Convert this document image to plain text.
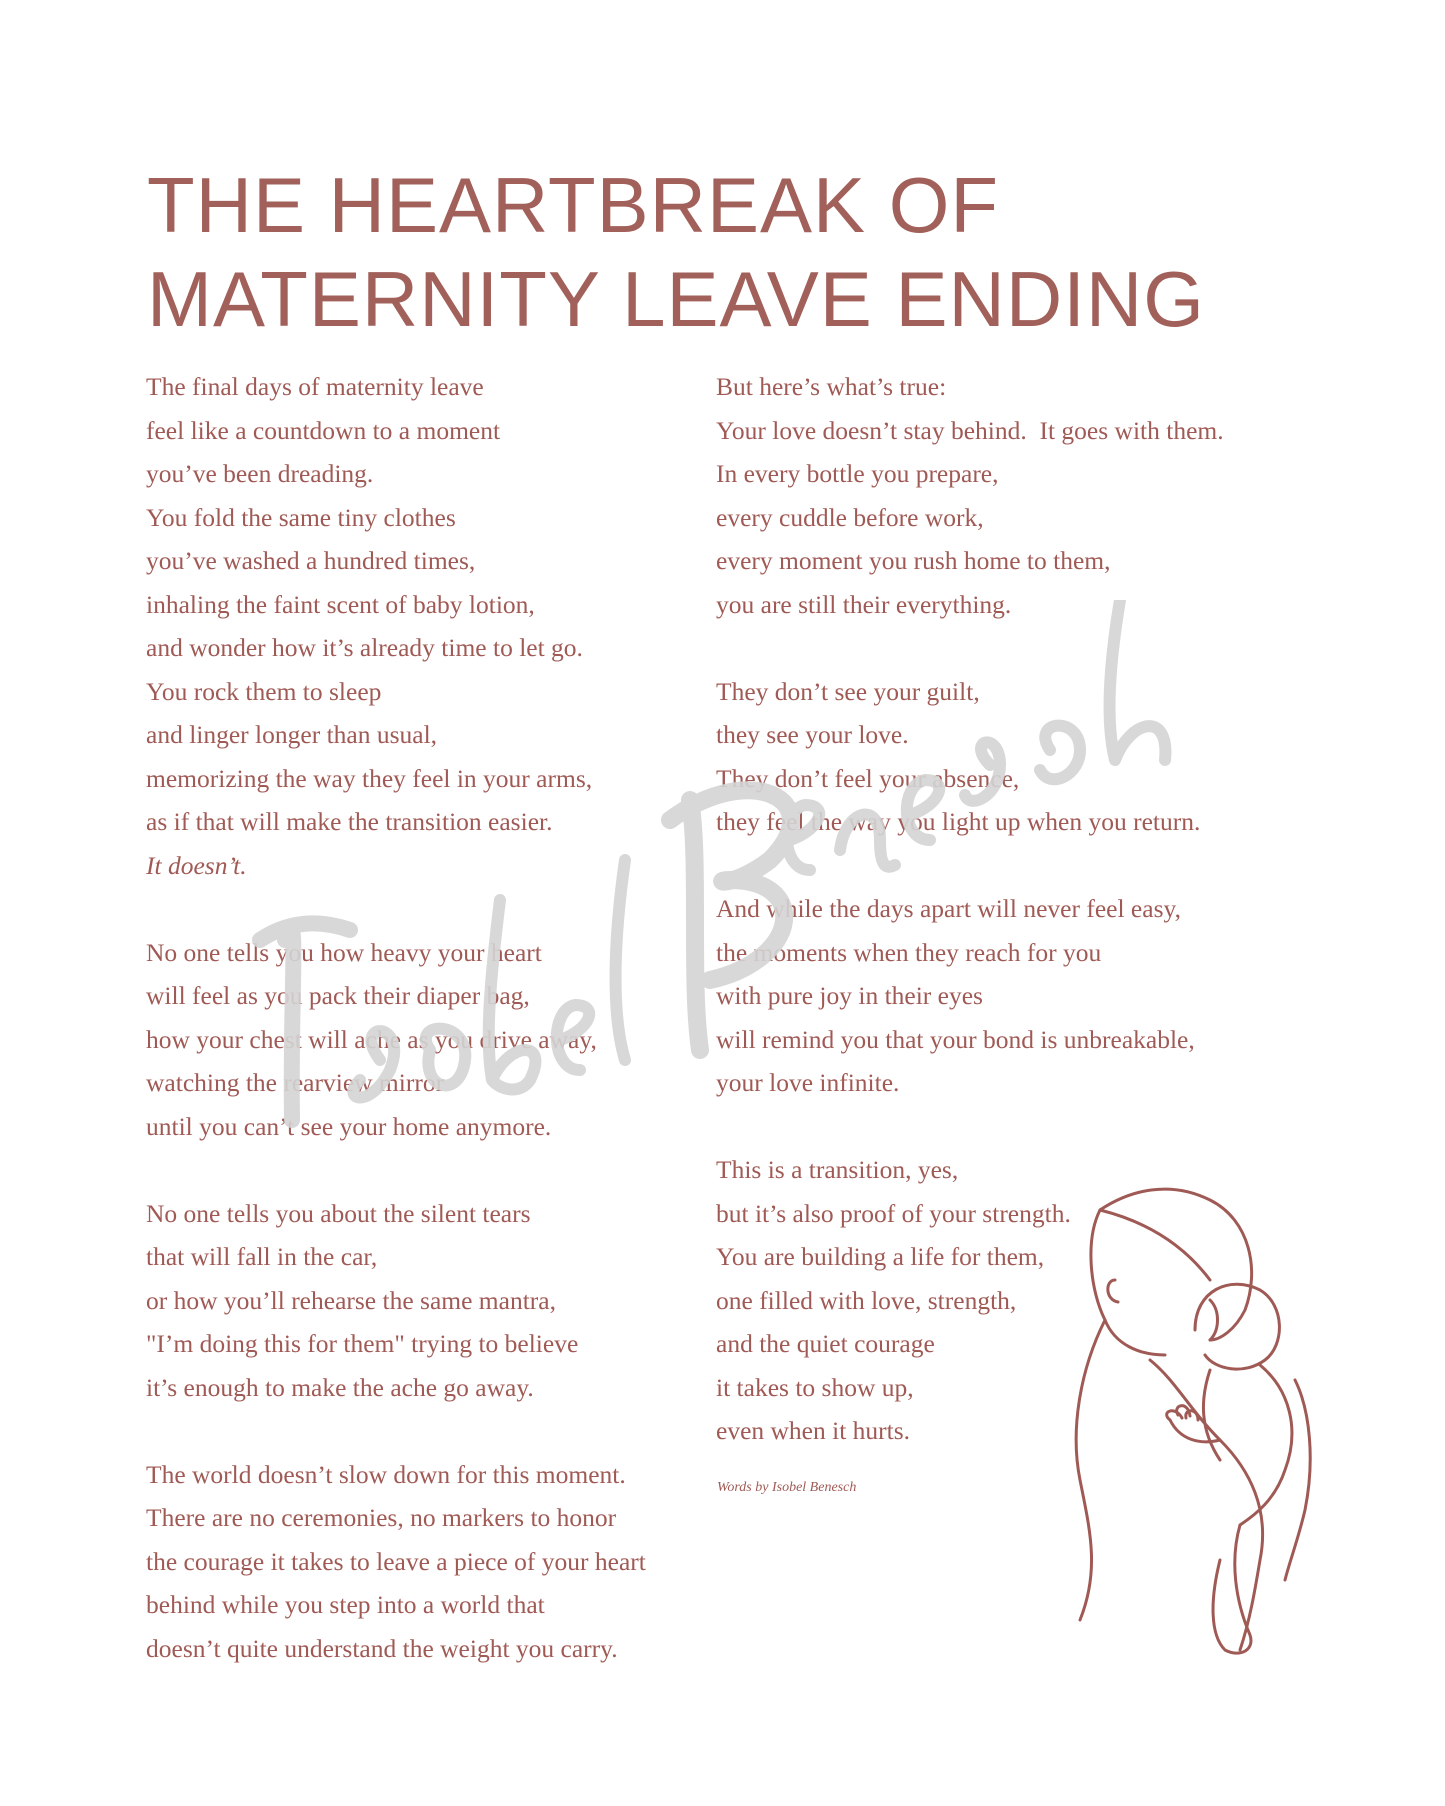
THE HEARTBREAK OF
MATERNITY LEAVE ENDING
The final days of maternity leave
feel like a countdown to a moment
you’ve been dreading.
You fold the same tiny clothes
you’ve washed a hundred times,
inhaling the faint scent of baby lotion,
and wonder how it’s already time to let go.
You rock them to sleep
and linger longer than usual,
memorizing the way they feel in your arms,
as if that will make the transition easier.
It doesn’t.
No one tells you how heavy your heart
will feel as you pack their diaper bag,
how your chest will ache as you drive away,
watching the rearview mirror
until you can’t see your home anymore.
No one tells you about the silent tears
that will fall in the car,
or how you’ll rehearse the same mantra,
"I’m doing this for them" trying to believe
it’s enough to make the ache go away.
The world doesn’t slow down for this moment.
There are no ceremonies, no markers to honor
the courage it takes to leave a piece of your heart
behind while you step into a world that
doesn’t quite understand the weight you carry.
But here’s what’s true:
Your love doesn’t stay behind.  It goes with them.
In every bottle you prepare,
every cuddle before work,
every moment you rush home to them,
you are still their everything.
They don’t see your guilt,
they see your love.
They don’t feel your absence,
they feel the way you light up when you return.
And while the days apart will never feel easy,
the moments when they reach for you
with pure joy in their eyes
will remind you that your bond is unbreakable,
your love infinite.
This is a transition, yes,
but it’s also proof of your strength.
You are building a life for them,
one filled with love, strength,
and the quiet courage
it takes to show up,
even when it hurts.
Words by Isobel Benesch
